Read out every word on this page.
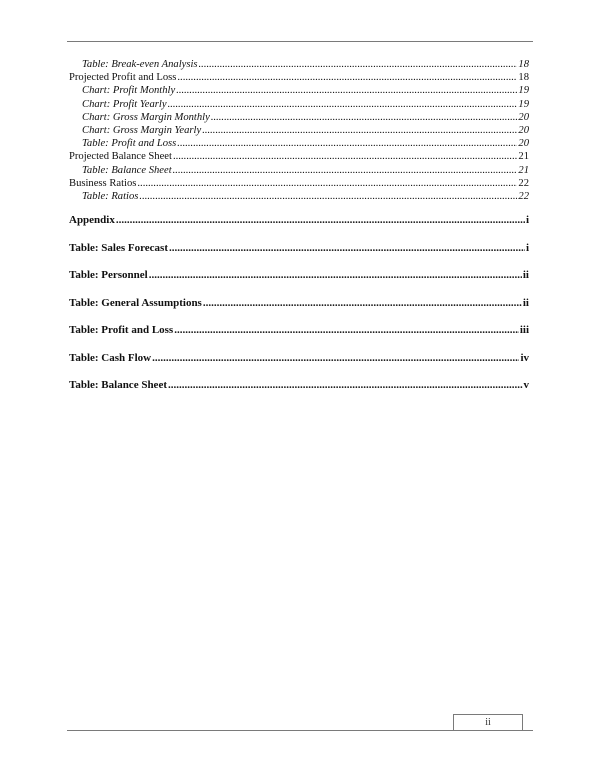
Table: Break-even Analysis .....	18
Projected Profit and Loss .....	18
Chart: Profit Monthly .....	19
Chart: Profit Yearly .....	19
Chart: Gross Margin Monthly .....	20
Chart: Gross Margin Yearly .....	20
Table: Profit and Loss .....	20
Projected Balance Sheet .....	21
Table: Balance Sheet .....	21
Business Ratios .....	22
Table: Ratios .....	22
Appendix .....	i
Table: Sales Forecast .....	i
Table: Personnel .....	ii
Table: General Assumptions .....	ii
Table: Profit and Loss .....	iii
Table: Cash Flow .....	iv
Table: Balance Sheet .....	v
ii
